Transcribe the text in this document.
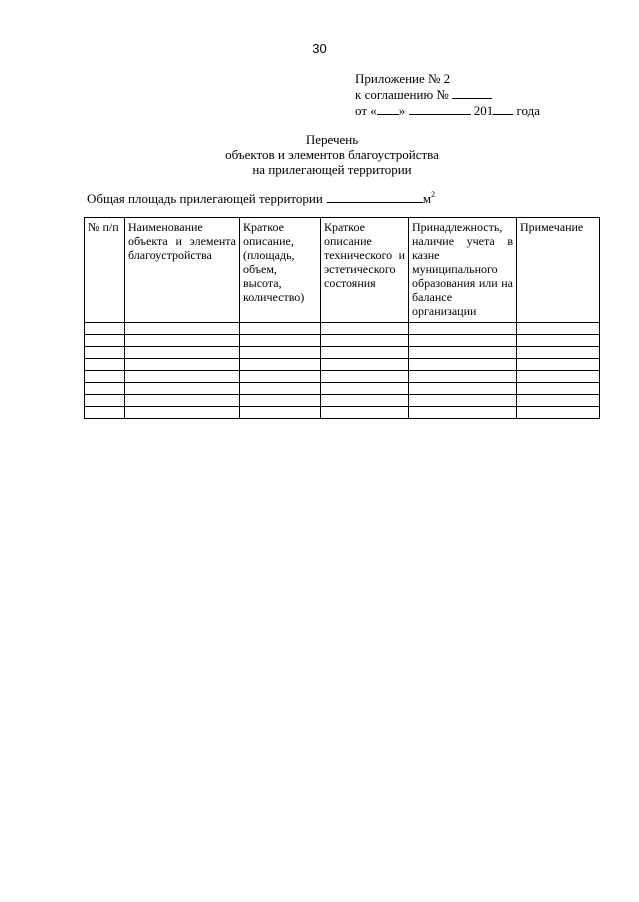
30
Приложение № 2
к соглашению №
от « »	201 года
Перечень
объектов и элементов благоустройства
на прилегающей территории
Общая площадь прилегающей территории	$м^2$
№ п/п	Наименование объекта и элемента благоустройства	Краткое описание, (площадь, объем, высота, количество)	Краткое описание технического и эстетического состояния	Принадлежность, наличие учета в казне муниципального образования или на балансе организации	Примечание
